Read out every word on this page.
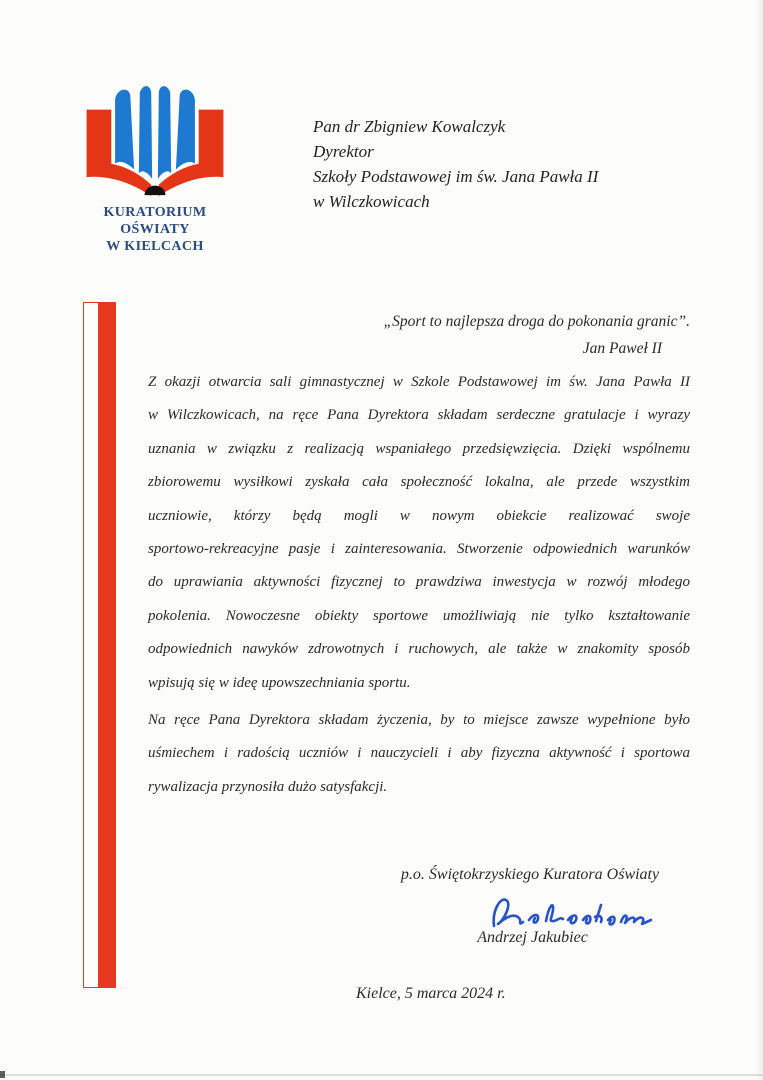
KURATORIUM OŚWIATY
W KIELCACH
Pan dr Zbigniew Kowalczyk
Dyrektor
Szkoły Podstawowej im św. Jana Pawła II
w Wilczkowicach
„Sport to najlepsza droga do pokonania granic”.
Jan Paweł II
Z okazji otwarcia sali gimnastycznej w Szkole Podstawowej im św. Jana Pawła II
w Wilczkowicach, na ręce Pana Dyrektora składam serdeczne gratulacje i wyrazy
uznania w związku z realizacją wspaniałego przedsięwzięcia. Dzięki wspólnemu
zbiorowemu wysiłkowi zyskała cała społeczność lokalna, ale przede wszystkim
uczniowie, którzy będą mogli w nowym obiekcie realizować swoje
sportowo-rekreacyjne pasje i zainteresowania. Stworzenie odpowiednich warunków
do uprawiania aktywności fizycznej to prawdziwa inwestycja w rozwój młodego
pokolenia. Nowoczesne obiekty sportowe umożliwiają nie tylko kształtowanie
odpowiednich nawyków zdrowotnych i ruchowych, ale także w znakomity sposób
wpisują się w ideę upowszechniania sportu.
Na ręce Pana Dyrektora składam życzenia, by to miejsce zawsze wypełnione było
uśmiechem i radością uczniów i nauczycieli i aby fizyczna aktywność i sportowa
rywalizacja przynosiła dużo satysfakcji.
p.o. Świętokrzyskiego Kuratora Oświaty
Andrzej Jakubiec
Kielce, 5 marca 2024 r.
